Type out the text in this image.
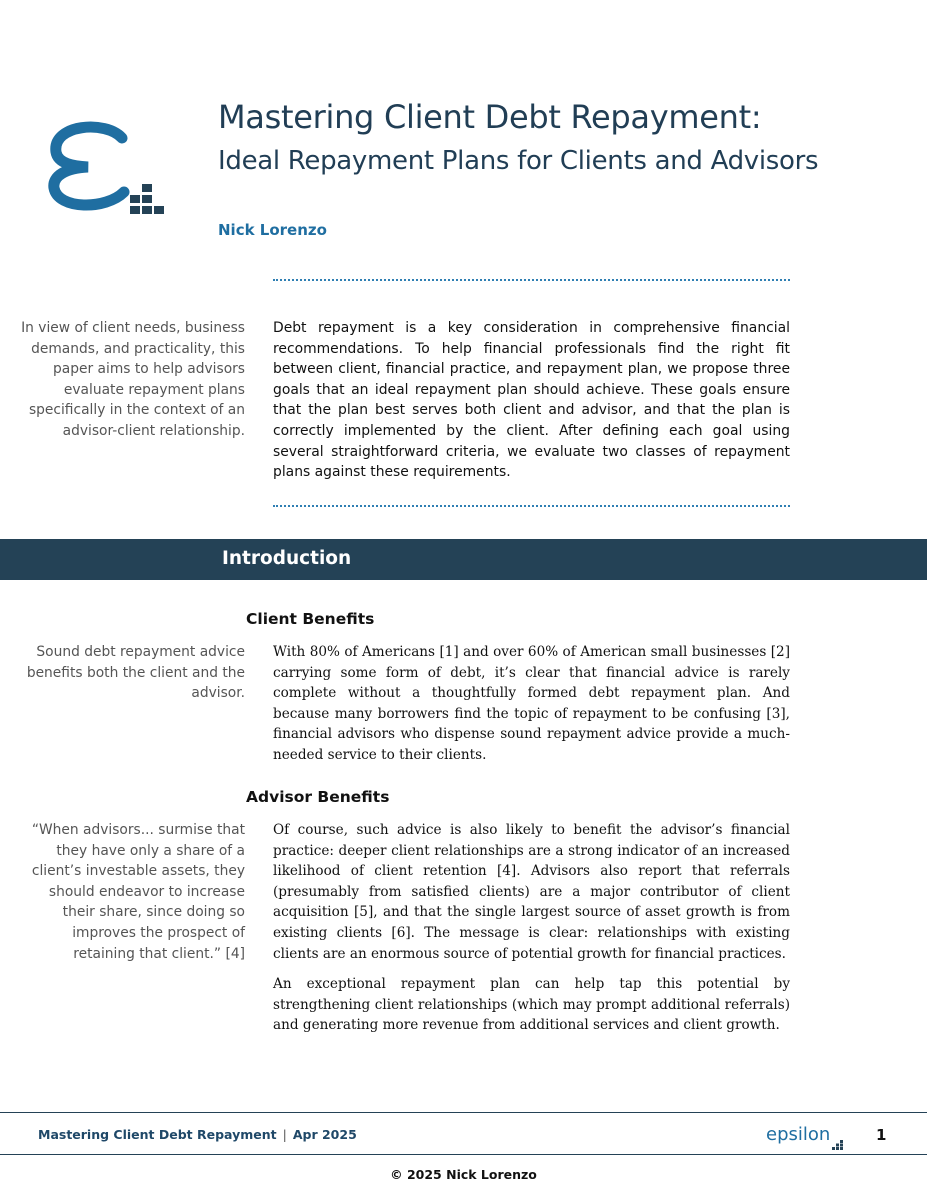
Mastering Client Debt Repayment:
Ideal Repayment Plans for Clients and Advisors
Nick Lorenzo
In view of client needs, business demands, and practicality, this paper aims to help advisors evaluate repayment plans specifically in the context of an advisor-client relationship.
Debt repayment is a key consideration in comprehensive financial recommendations. To help financial professionals find the right fit between client, financial practice, and repayment plan, we propose three goals that an ideal repayment plan should achieve. These goals ensure that the plan best serves both client and advisor, and that the plan is correctly implemented by the client. After defining each goal using several straightforward criteria, we evaluate two classes of repayment plans against these requirements.
Introduction
Client Benefits
Sound debt repayment advice benefits both the client and the advisor.

With 80% of Americans [1] and over 60% of American small businesses [2] carrying some form of debt, it’s clear that financial advice is rarely complete without a thoughtfully formed debt repayment plan. And because many borrowers find the topic of repayment to be confusing [3], financial advisors who dispense sound repayment advice provide a much-needed service to their clients.

Advisor Benefits
“When advisors... surmise that they have only a share of a client’s investable assets, they should endeavor to increase their share, since doing so improves the prospect of retaining that client.” [4]

Of course, such advice is also likely to benefit the advisor’s financial practice: deeper client relationships are a strong indicator of an increased likelihood of client retention [4]. Advisors also report that referrals (presumably from satisfied clients) are a major contributor of client acquisition [5], and that the single largest source of asset growth is from existing clients [6]. The message is clear: relationships with existing clients are an enormous source of potential growth for financial practices.

An exceptional repayment plan can help tap this potential by strengthening client relationships (which may prompt additional referrals) and generating more revenue from additional services and client growth.

Mastering Client Debt Repayment | Apr 2025	epsilon	1
© 2025 Nick Lorenzo
